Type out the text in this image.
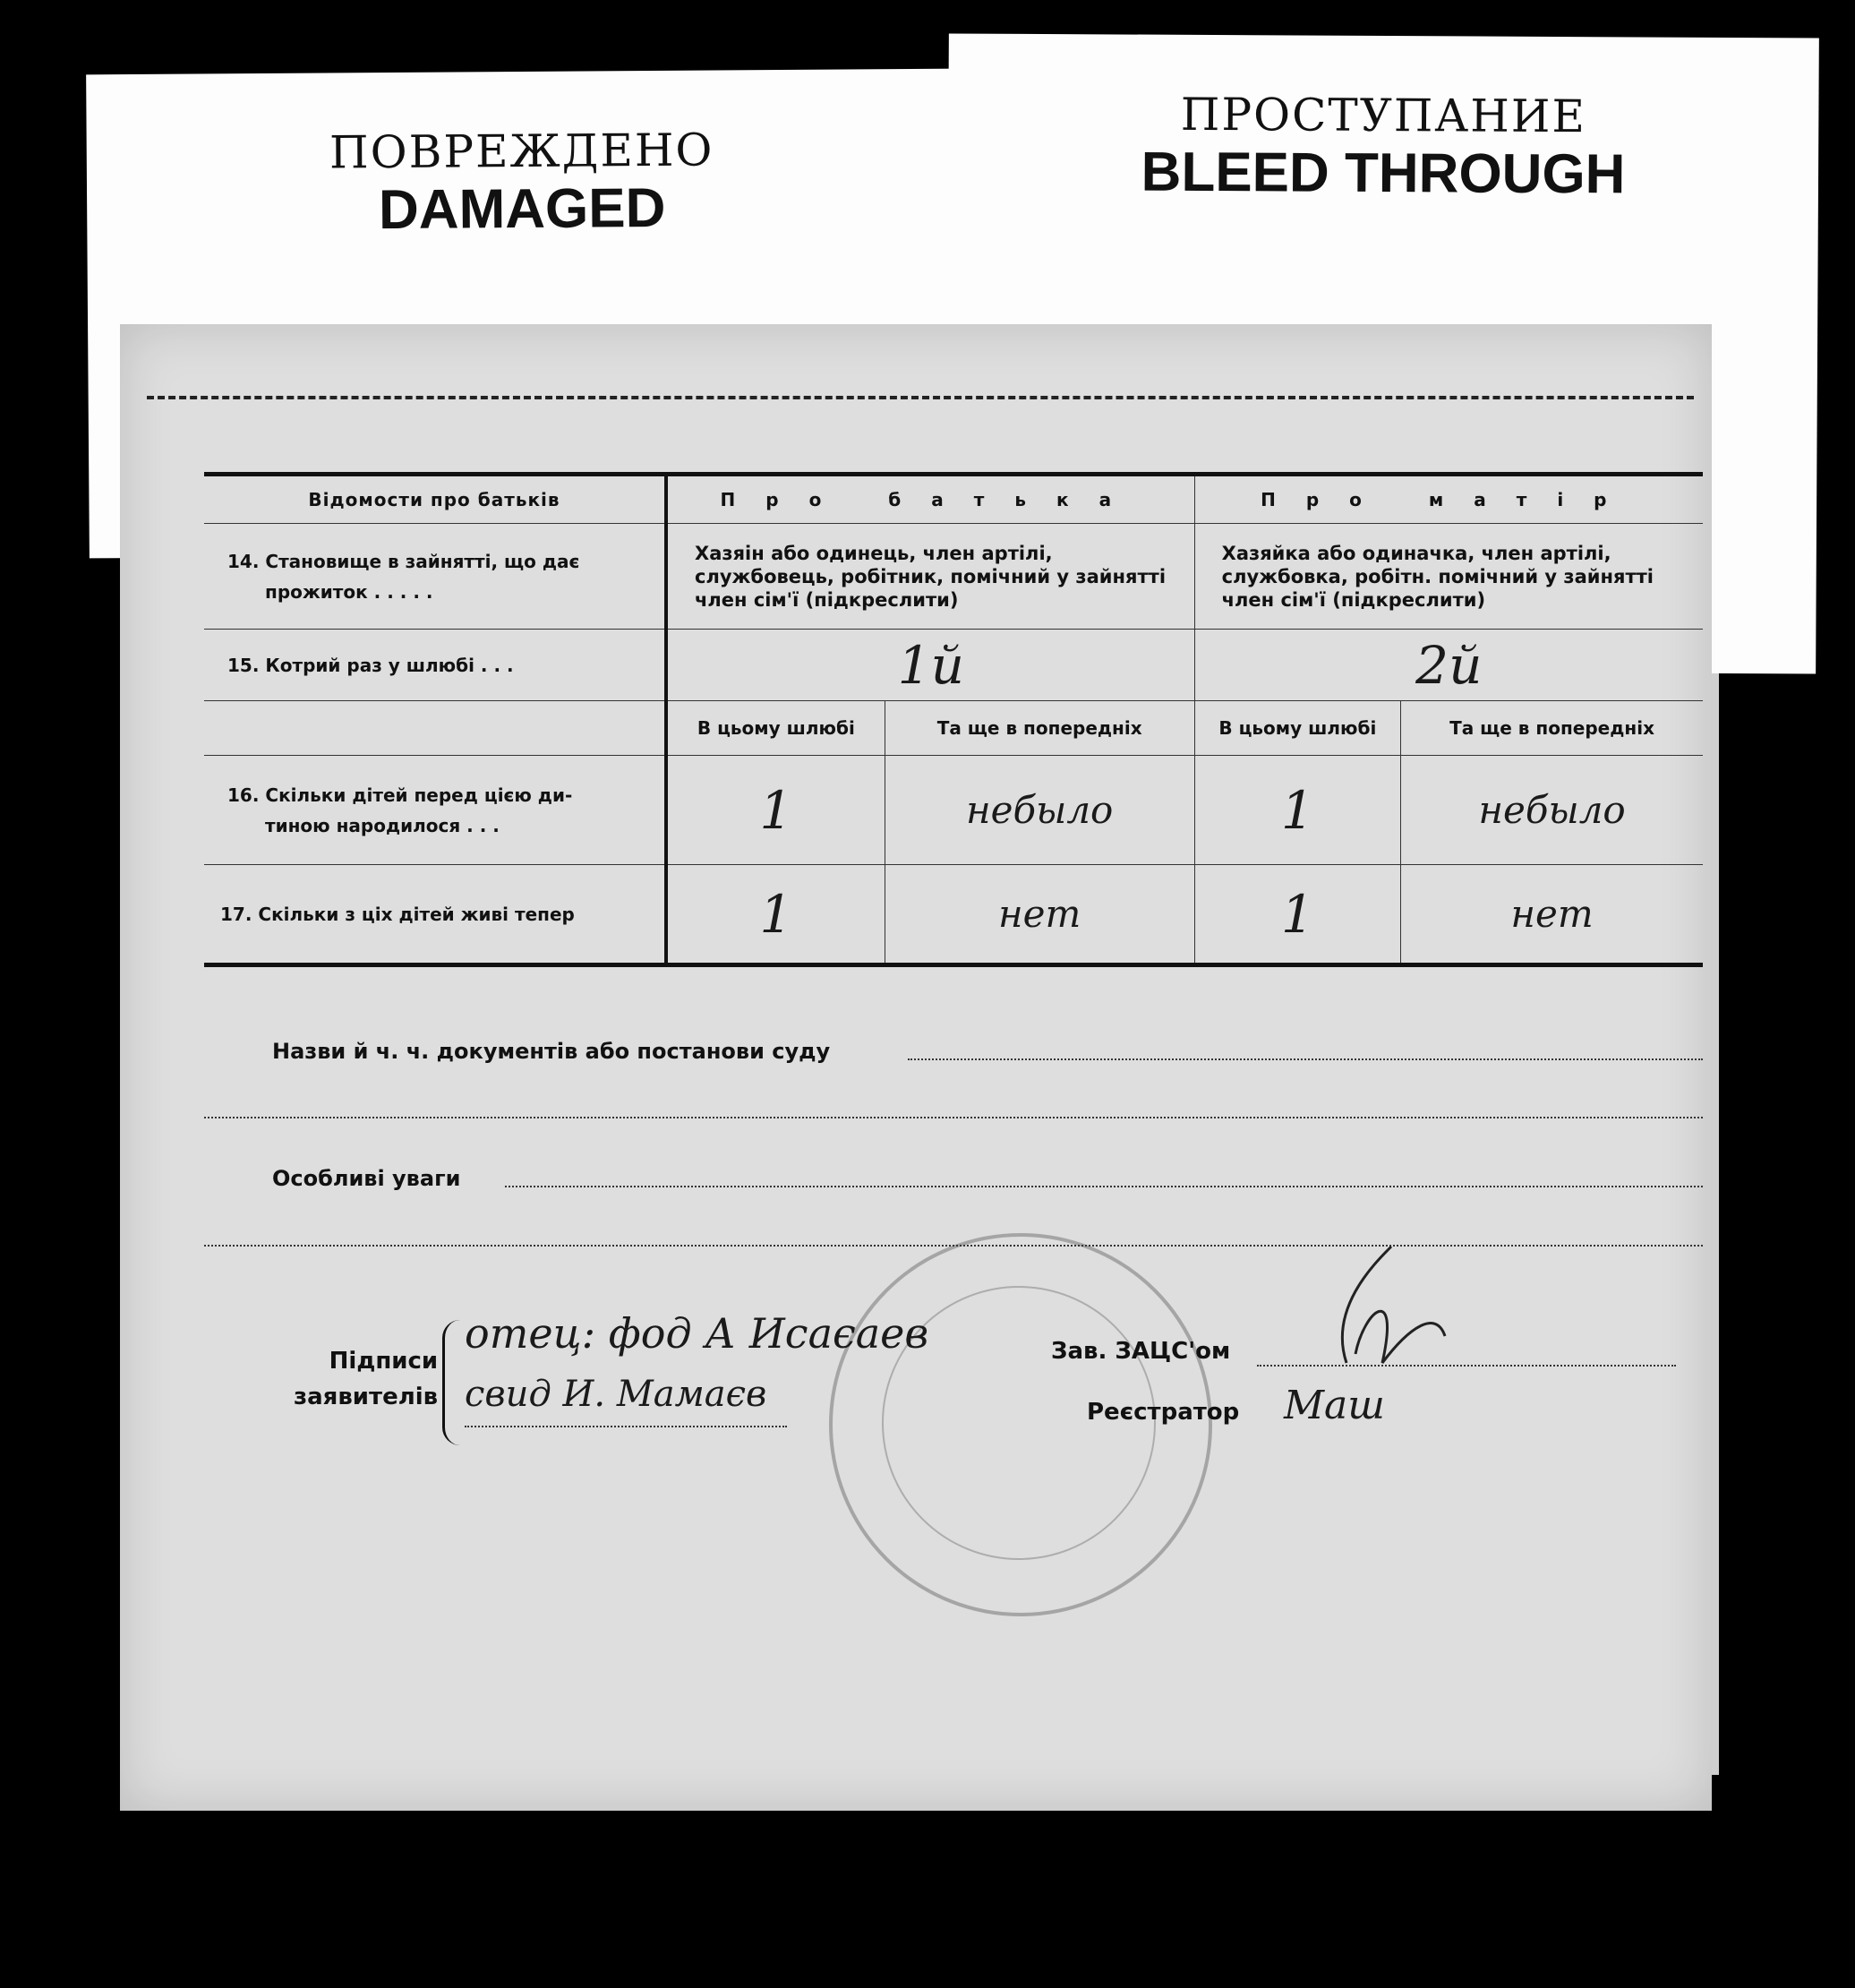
ПОВРЕЖДЕНО
DAMAGED
ПРОСТУПАНИЕ
BLEED THROUGH
Відомости про батьків	Про батька		Про матір	

14. Становище в зайнятті, що дає
прожиток . . . . .	Хазяін або одинець, член артілі, службовець, робітник, помічний у зайнятті член сім'ї (підкреслити)		Хазяйка або одиначка, член артілі, службовка, робітн. помічний у зайнятті член сім'ї (підкреслити)	
15. Котрий раз у шлюбі . . .	1й		2й	
	В цьому шлюбі	Та ще в попередніх	В цьому шлюбі	Та ще в попередніх

16. Скільки дітей перед цією ди-
тиною народилося . . .	1	небыло	1	небыло
17. Скільки з ціх дітей живі тепер	1	нет	1	нет
Назви й ч. ч. документів або постанови суду
Особливі уваги
Підписи
заявителів
отец: фод А Исаєаев
свид И. Мамаєв
Зав. ЗАЦС'ом
Реєстратор Маш
